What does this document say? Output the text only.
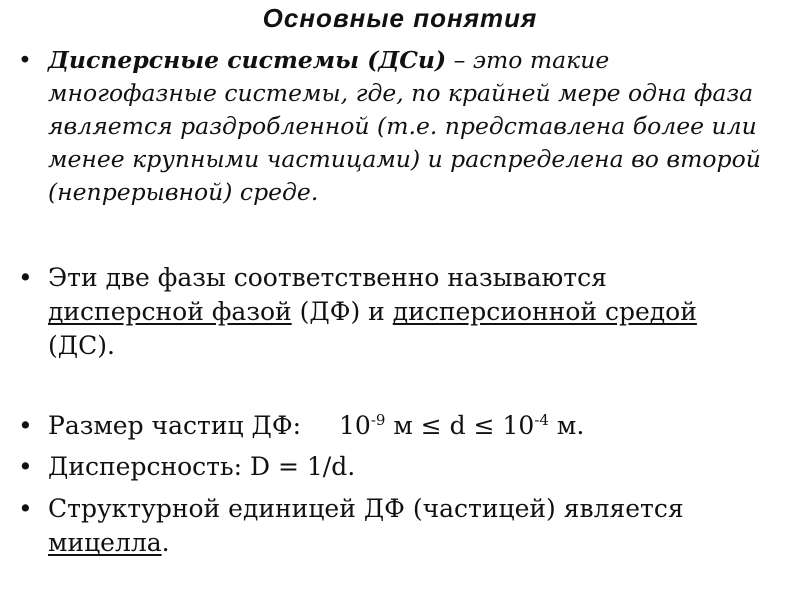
Основные понятия
• Дисперсные системы (ДСи) – это такие многофазные системы, где, по крайней мере одна фаза является раздробленной (т.е. представлена более или менее крупными частицами) и распределена во второй (непрерывной) среде.
• Эти две фазы соответственно называются дисперсной фазой (ДФ) и дисперсионной средой (ДС).
• Размер частиц ДФ: $10^{-9}$ $м \le d \le 10^{-4}$ м.
• Дисперсность: D = 1/d.
• Структурной единицей ДФ (частицей) является мицелла.
